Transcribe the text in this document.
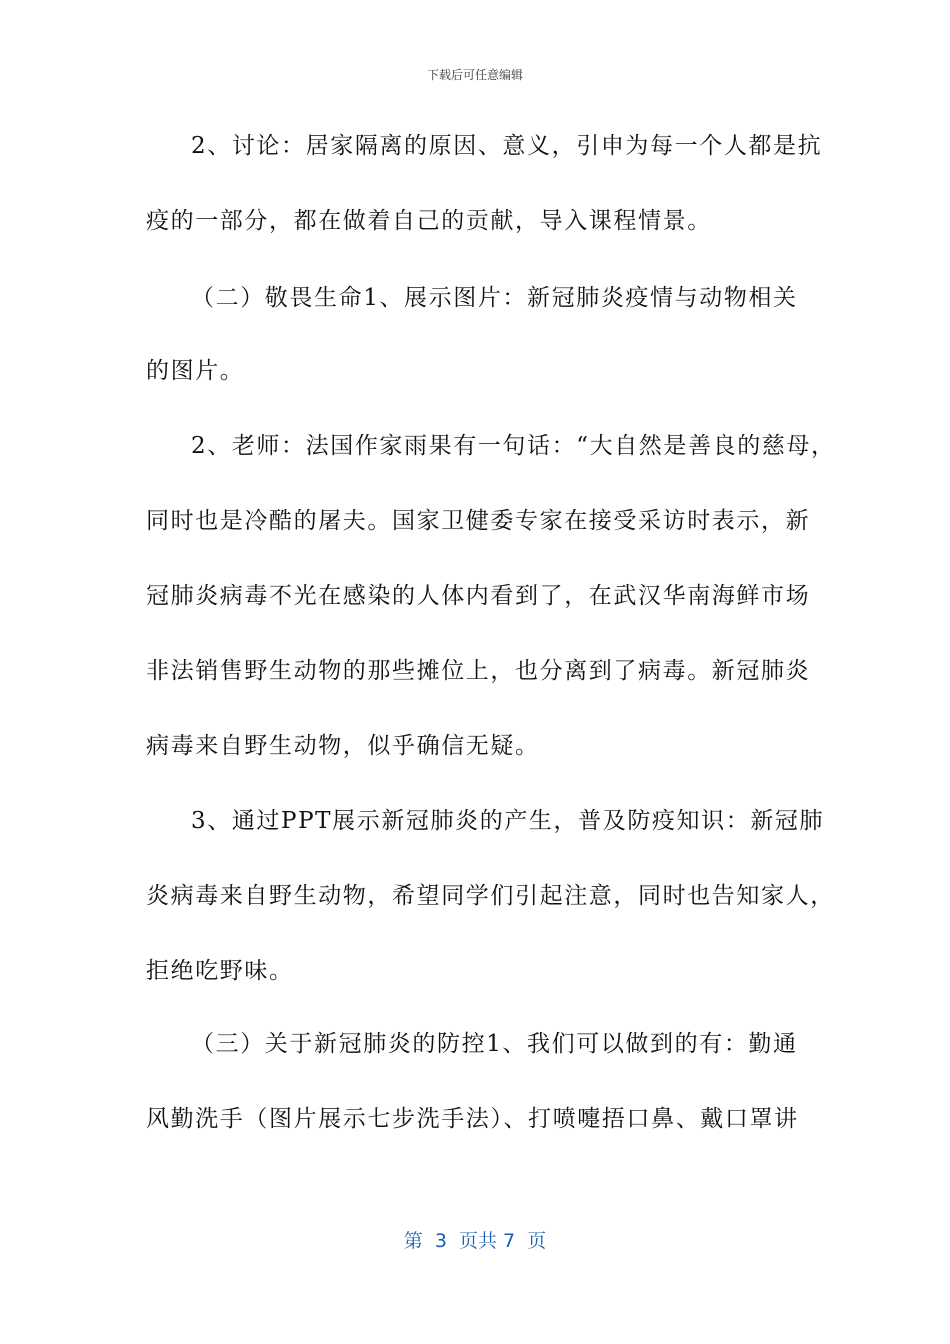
下载后可任意编辑
2、讨论：居家隔离的原因、意义，引申为每一个人都是抗
疫的一部分，都在做着自己的贡献，导入课程情景。
（二）敬畏生命1、展示图片：新冠肺炎疫情与动物相关
的图片。
2、老师：法国作家雨果有一句话：“大自然是善良的慈母，
同时也是冷酷的屠夫。国家卫健委专家在接受采访时表示，新
冠肺炎病毒不光在感染的人体内看到了，在武汉华南海鲜市场
非法销售野生动物的那些摊位上，也分离到了病毒。新冠肺炎
病毒来自野生动物，似乎确信无疑。
3、通过PPT展示新冠肺炎的产生，普及防疫知识：新冠肺
炎病毒来自野生动物，希望同学们引起注意，同时也告知家人，
拒绝吃野味。
（三）关于新冠肺炎的防控1、我们可以做到的有：勤通
风勤洗手（图片展示七步洗手法）、打喷嚏捂口鼻、戴口罩讲
第  3  页共 7  页
